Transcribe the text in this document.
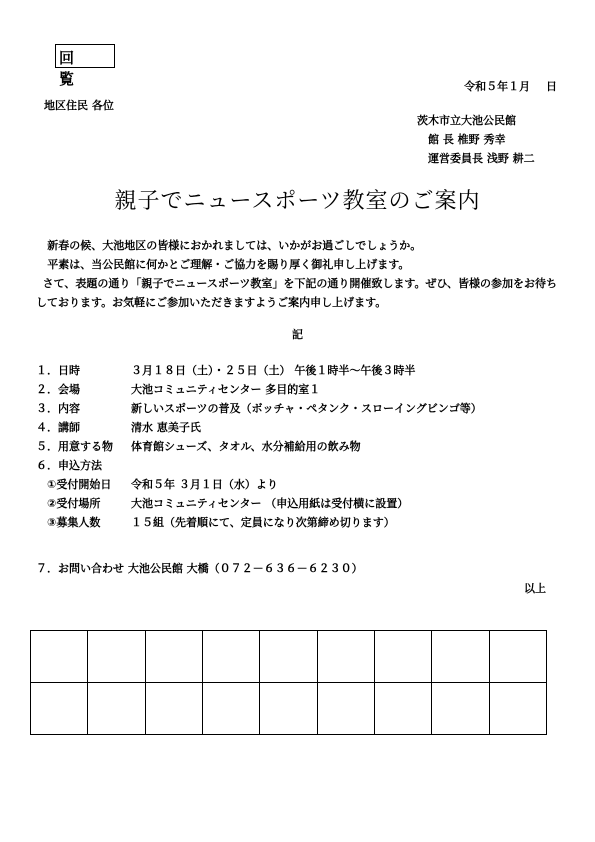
回 覧	令和５年１月 日
地区住民 各位
茨木市立大池公民館
館 長 椎野 秀幸
運営委員長 浅野 耕二
親子でニュースポーツ教室のご案内
新春の候、大池地区の皆様におかれましては、いかがお過ごしでしょうか。
平素は、当公民館に何かとご理解・ご協力を賜り厚く御礼申し上げます。
さて、表題の通り「親子でニュースポーツ教室」を下記の通り開催致します。ぜひ、皆様の参加をお待ちしております。お気軽にご参加いただきますようご案内申し上げます。
記
１．日時	３月１８日（土）・２５日（土） 午後１時半～午後３時半
２．会場	大池コミュニティセンター 多目的室１
３．内容	新しいスポーツの普及（ボッチャ・ペタンク・スローイングビンゴ等）
４．講師	清水 恵美子氏
５．用意する物 体育館シューズ、タオル、水分補給用の飲み物
６．申込方法
①受付開始日 令和５年 ３月１日（水）より
②受付場所	大池コミュニティセンター （申込用紙は受付横に設置）
③募集人数	１５組（先着順にて、定員になり次第締め切ります）
７．お問い合わせ 大池公民館 大橋（０７２－６３６－６２３０）
以上
